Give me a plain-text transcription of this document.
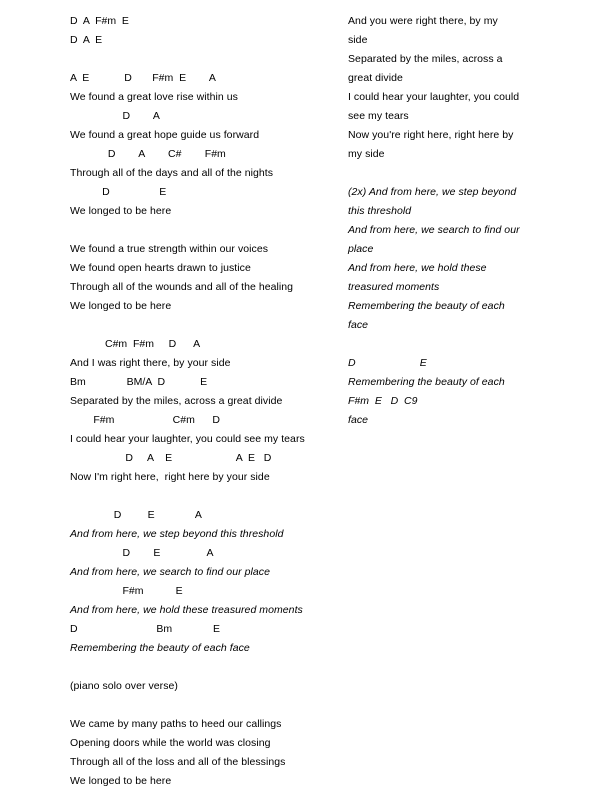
D  A  F#m  E
D  A  E
A  E            D       F#m  E        A
We found a great love rise within us
D        A
We found a great hope guide us forward
D        A        C#        F#m
Through all of the days and all of the nights
D                 E
We longed to be here
We found a true strength within our voices
We found open hearts drawn to justice
Through all of the wounds and all of the healing
We longed to be here
C#m  F#m     D      A
And I was right there, by your side
Bm              BM/A  D            E
Separated by the miles, across a great divide
F#m                    C#m      D
I could hear your laughter, you could see my tears
D     A    E                      A  E   D
Now I'm right here,  right here by your side
D         E              A
And from here, we step beyond this threshold
D        E                A
And from here, we search to find our place
F#m           E
And from here, we hold these treasured moments
D                           Bm              E
Remembering the beauty of each face
(piano solo over verse)
We came by many paths to heed our callings
Opening doors while the world was closing
Through all of the loss and all of the blessings
We longed to be here
And you were right there, by my
side
Separated by the miles, across a
great divide
I could hear your laughter, you could
see my tears
Now you're right here, right here by
my side
(2x) And from here, we step beyond
this threshold
And from here, we search to find our
place
And from here, we hold these
treasured moments
Remembering the beauty of each
face
D                      E
Remembering the beauty of each
F#m  E   D  C9
face
